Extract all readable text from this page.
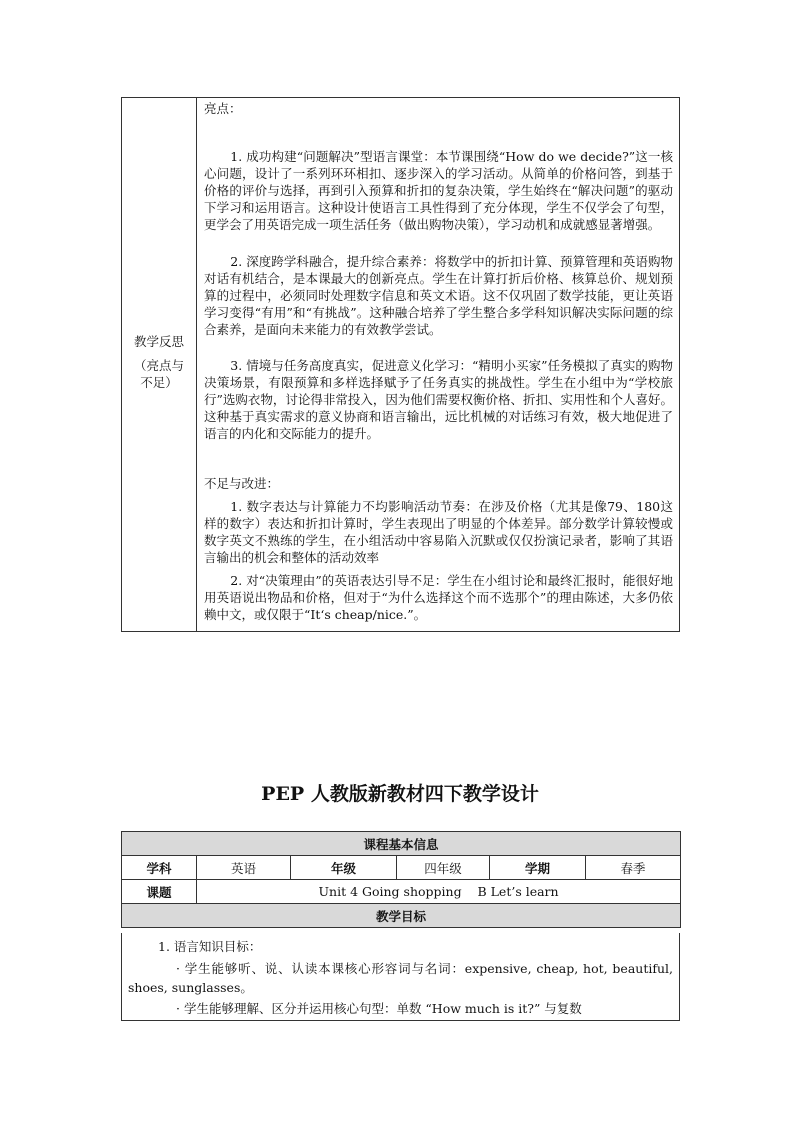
教学反思
（亮点与
不足）
亮点：
1. 成功构建“问题解决”型语言课堂：本节课围绕“How do we decide?”这一核心问题，设计了一系列环环相扣、逐步深入的学习活动。从简单的价格问答，到基于价格的评价与选择，再到引入预算和折扣的复杂决策，学生始终在“解决问题”的驱动下学习和运用语言。这种设计使语言工具性得到了充分体现，学生不仅学会了句型，更学会了用英语完成一项生活任务（做出购物决策），学习动机和成就感显著增强。
2. 深度跨学科融合，提升综合素养：将数学中的折扣计算、预算管理和英语购物对话有机结合，是本课最大的创新亮点。学生在计算打折后价格、核算总价、规划预算的过程中，必须同时处理数字信息和英文术语。这不仅巩固了数学技能，更让英语学习变得“有用”和“有挑战”。这种融合培养了学生整合多学科知识解决实际问题的综合素养，是面向未来能力的有效教学尝试。
3. 情境与任务高度真实，促进意义化学习：“精明小买家”任务模拟了真实的购物决策场景，有限预算和多样选择赋予了任务真实的挑战性。学生在小组中为“学校旅行”选购衣物，讨论得非常投入，因为他们需要权衡价格、折扣、实用性和个人喜好。这种基于真实需求的意义协商和语言输出，远比机械的对话练习有效，极大地促进了语言的内化和交际能力的提升。
不足与改进：
1. 数字表达与计算能力不均影响活动节奏：在涉及价格（尤其是像79、180这样的数字）表达和折扣计算时，学生表现出了明显的个体差异。部分数学计算较慢或数字英文不熟练的学生，在小组活动中容易陷入沉默或仅仅扮演记录者，影响了其语言输出的机会和整体的活动效率
2. 对“决策理由”的英语表达引导不足：学生在小组讨论和最终汇报时，能很好地用英语说出物品和价格，但对于“为什么选择这个而不选那个”的理由陈述，大多仍依赖中文，或仅限于“It‘s cheap/nice.”。
PEP 人教版新教材四下教学设计
课程基本信息					
学科	英语	年级	四年级	学期	春季
课题	Unit 4 Going shopping    B Let’s learn				
教学目标					
1. 语言知识目标：
· 学生能够听、说、认读本课核心形容词与名词：expensive, cheap, hot, beautiful, shoes, sunglasses。
· 学生能够理解、区分并运用核心句型：单数 “How much is it?” 与复数
